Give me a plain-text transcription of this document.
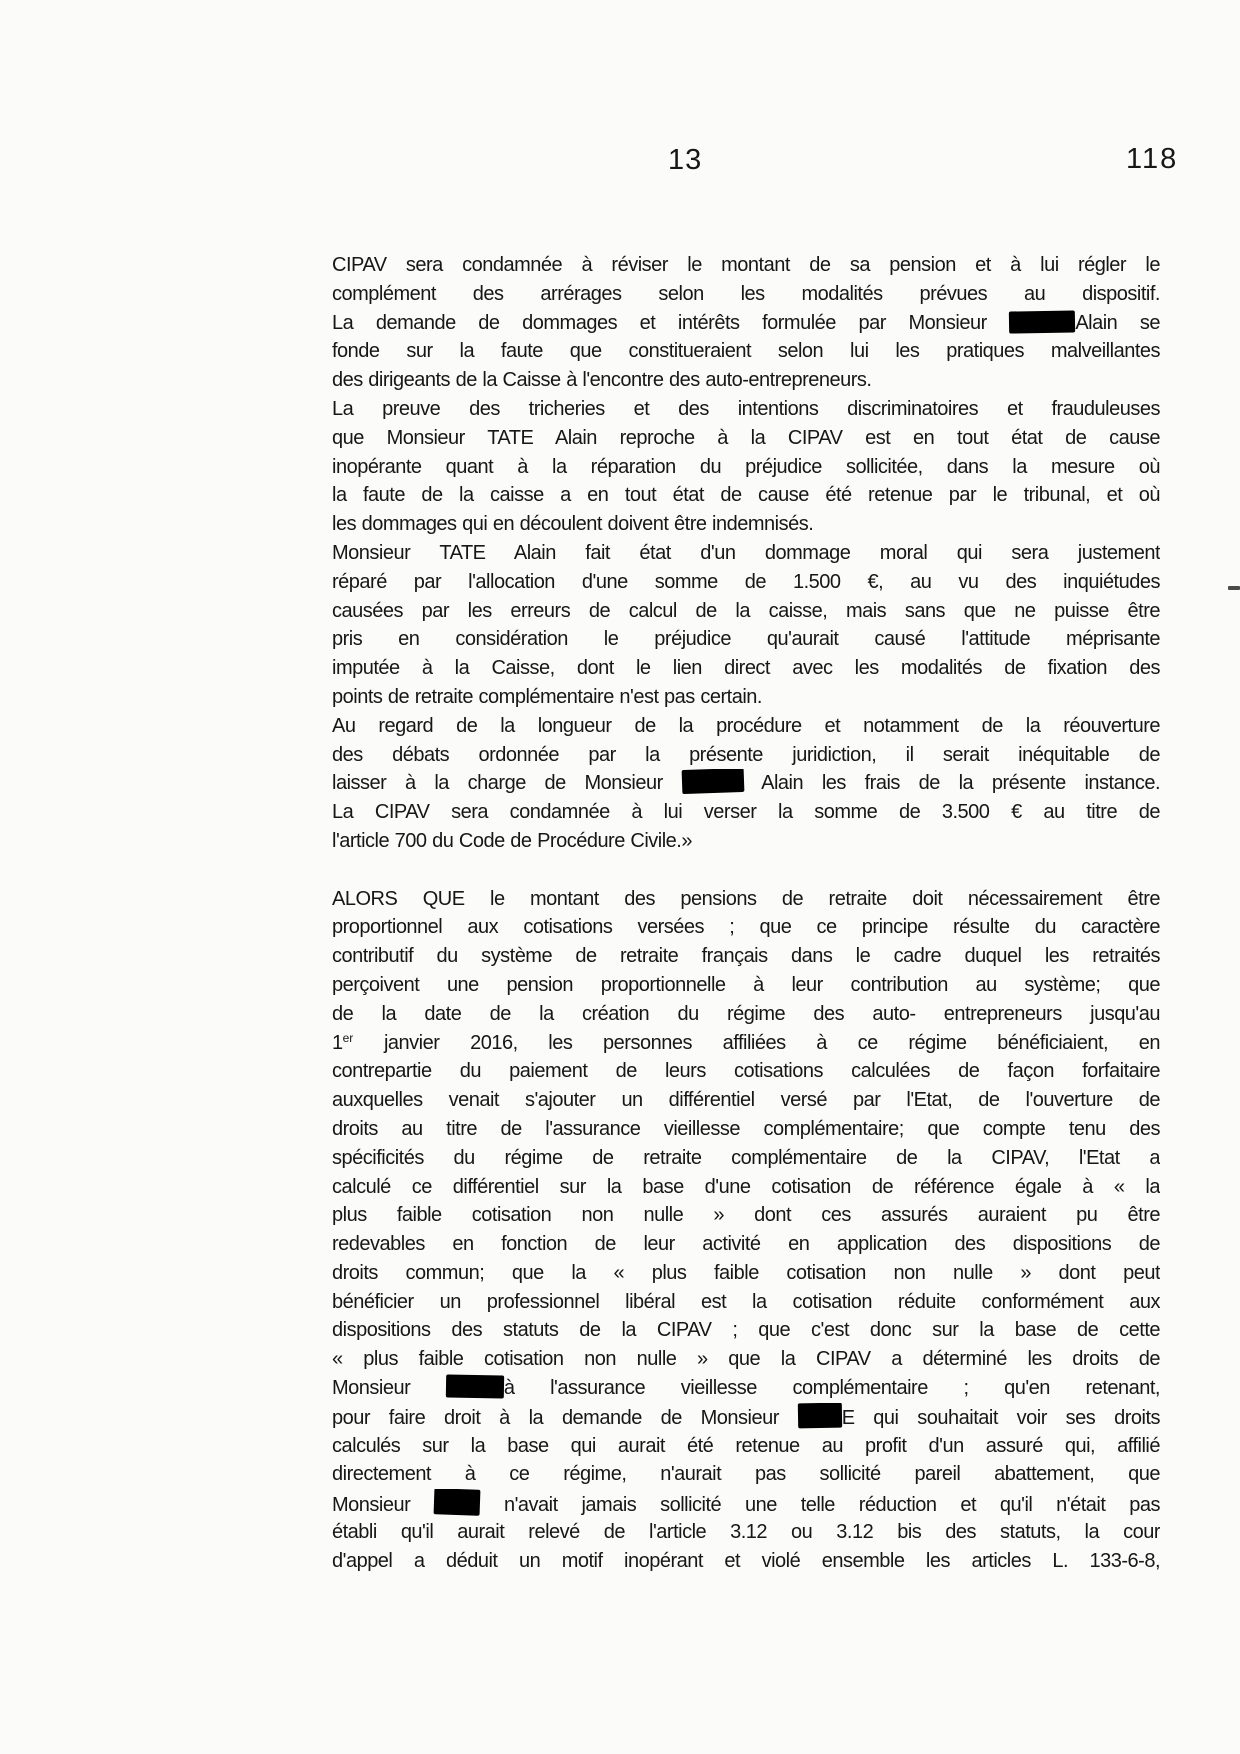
13	118
CIPAV sera condamnée à réviser le montant de sa pension et à lui régler le
complément des arrérages selon les modalités prévues au dispositif.
La demande de dommages et intérêts formulée par Monsieur	Alain se
fonde sur la faute que constitueraient selon lui les pratiques malveillantes
des dirigeants de la Caisse à l'encontre des auto-entrepreneurs.
La preuve des tricheries et des intentions discriminatoires et frauduleuses
que Monsieur TATE Alain reproche à la CIPAV est en tout état de cause
inopérante quant à la réparation du préjudice sollicitée, dans la mesure où
la faute de la caisse a en tout état de cause été retenue par le tribunal, et où
les dommages qui en découlent doivent être indemnisés.
Monsieur TATE Alain fait état d'un dommage moral qui sera justement
réparé par l'allocation d'une somme de 1.500 €, au vu des inquiétudes
causées par les erreurs de calcul de la caisse, mais sans que ne puisse être
pris en considération le préjudice qu'aurait causé l'attitude méprisante
imputée à la Caisse, dont le lien direct avec les modalités de fixation des
points de retraite complémentaire n'est pas certain.
Au regard de la longueur de la procédure et notamment de la réouverture
des débats ordonnée par la présente juridiction, il serait inéquitable de
laisser à la charge de Monsieur	Alain les frais de la présente instance.
La CIPAV sera condamnée à lui verser la somme de 3.500 € au titre de
l'article 700 du Code de Procédure Civile.»
ALORS QUE le montant des pensions de retraite doit nécessairement être
proportionnel aux cotisations versées ; que ce principe résulte du caractère
contributif du système de retraite français dans le cadre duquel les retraités
perçoivent une pension proportionnelle à leur contribution au système; que
de la date de la création du régime des auto- entrepreneurs jusqu'au
1er janvier 2016, les personnes affiliées à ce régime bénéficiaient, en
contrepartie du paiement de leurs cotisations calculées de façon forfaitaire
auxquelles venait s'ajouter un différentiel versé par l'Etat, de l'ouverture de
droits au titre de l'assurance vieillesse complémentaire; que compte tenu des
spécificités du régime de retraite complémentaire de la CIPAV, l'Etat a
calculé ce différentiel sur la base d'une cotisation de référence égale à « la
plus faible cotisation non nulle » dont ces assurés auraient pu être
redevables en fonction de leur activité en application des dispositions de
droits commun; que la « plus faible cotisation non nulle » dont peut
bénéficier un professionnel libéral est la cotisation réduite conformément aux
dispositions des statuts de la CIPAV ; que c'est donc sur la base de cette
« plus faible cotisation non nulle » que la CIPAV a déterminé les droits de
Monsieur	à l'assurance vieillesse complémentaire ; qu'en retenant,
pour faire droit à la demande de Monsieur E qui souhaitait voir ses droits
calculés sur la base qui aurait été retenue au profit d'un assuré qui, affilié
directement à ce régime, n'aurait pas sollicité pareil abattement, que
Monsieur  n'avait jamais sollicité une telle réduction et qu'il n'était pas
établi qu'il aurait relevé de l'article 3.12 ou 3.12 bis des statuts, la cour
d'appel a déduit un motif inopérant et violé ensemble les articles L. 133-6-8,
